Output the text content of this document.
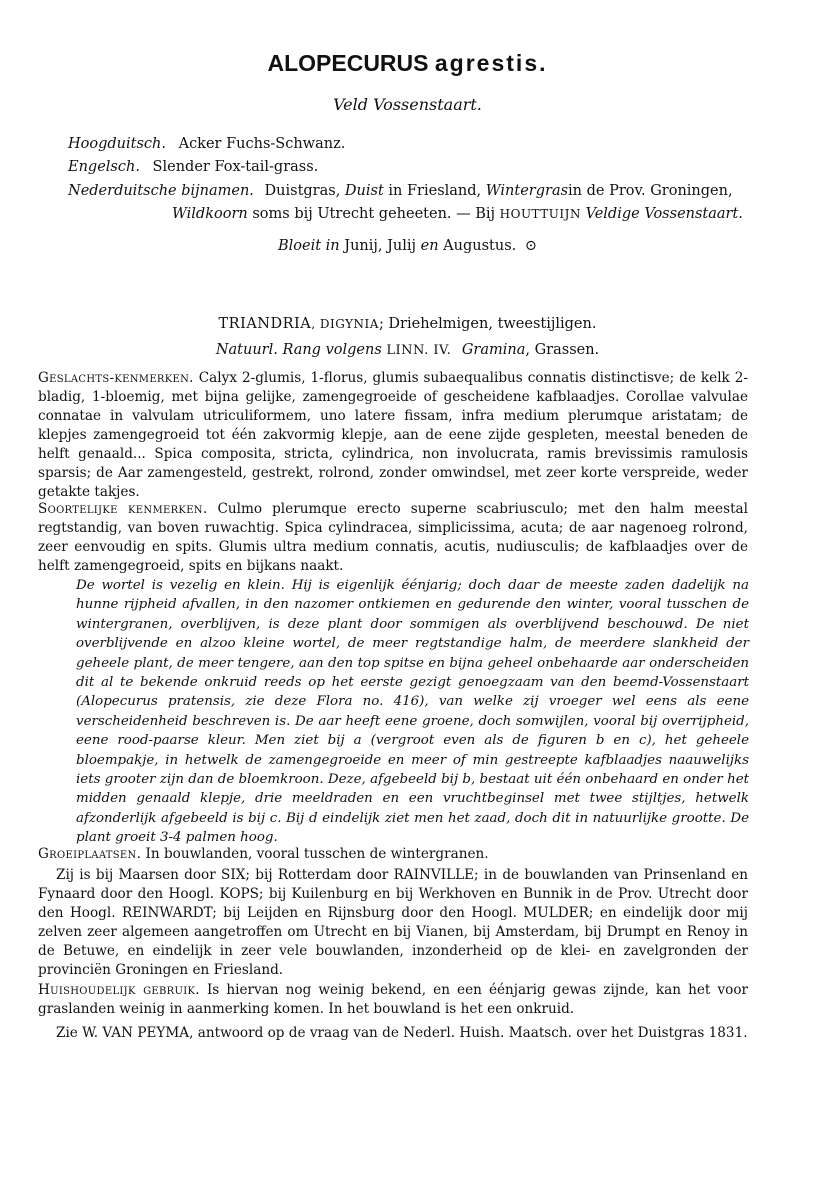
ALOPECURUS agrestis.
Veld Vossenstaart.
Hoogduitsch. Acker Fuchs-Schwanz.
Engelsch. Slender Fox-tail-grass.
Nederduitsche bijnamen. Duistgras, Duist in Friesland, Wintergrasin de Prov. Groningen,
Wildkoorn soms bij Utrecht geheeten. — Bij HOUTTUIJN Veldige Vossenstaart.
Bloeit in Junij, Julij en Augustus. ⊙
TRIANDRIA, DIGYNIA; Driehelmigen, tweestijligen.
Natuurl. Rang volgens LINN. IV. Gramina, Grassen.

Geslachts-kenmerken. Calyx 2-glumis, 1-florus, glumis subaequalibus connatis distinctisve; de kelk 2-bladig, 1-bloemig, met bijna gelijke, zamengegroeide of gescheidene kafblaadjes. Corollae valvulae connatae in valvulam utriculiformem, uno latere fissam, infra medium plerumque aristatam; de klepjes zamengegroeid tot één zakvormig klepje, aan de eene zijde gespleten, meestal beneden de helft genaald... Spica composita, stricta, cylindrica, non involucrata, ramis brevissimis ramulosis sparsis; de Aar zamengesteld, gestrekt, rolrond, zonder omwindsel, met zeer korte verspreide, weder getakte takjes.

Soortelijke kenmerken. Culmo plerumque erecto superne scabriusculo; met den halm meestal regtstandig, van boven ruwachtig. Spica cylindracea, simplicissima, acuta; de aar nagenoeg rolrond, zeer eenvoudig en spits. Glumis ultra medium connatis, acutis, nudiusculis; de kafblaadjes over de helft zamengegroeid, spits en bijkans naakt.

De wortel is vezelig en klein. Hij is eigenlijk éénjarig; doch daar de meeste zaden dadelijk na hunne rijpheid afvallen, in den nazomer ontkiemen en gedurende den winter, vooral tusschen de wintergranen, overblijven, is deze plant door sommigen als overblijvend beschouwd. De niet overblijvende en alzoo kleine wortel, de meer regtstandige halm, de meerdere slankheid der geheele plant, de meer tengere, aan den top spitse en bijna geheel onbehaarde aar onderscheiden dit al te bekende onkruid reeds op het eerste gezigt genoegzaam van den beemd-Vossenstaart (Alopecurus pratensis, zie deze Flora no. 416), van welke zij vroeger wel eens als eene verscheidenheid beschreven is. De aar heeft eene groene, doch somwijlen, vooral bij overrijpheid, eene rood-paarse kleur. Men ziet bij a (vergroot even als de figuren b en c), het geheele bloempakje, in hetwelk de zamengegroeide en meer of min gestreepte kafblaadjes naauwelijks iets grooter zijn dan de bloemkroon. Deze, afgebeeld bij b, bestaat uit één onbehaard en onder het midden genaald klepje, drie meeldraden en een vruchtbeginsel met twee stijltjes, hetwelk afzonderlijk afgebeeld is bij c. Bij d eindelijk ziet men het zaad, doch dit in natuurlijke grootte. De plant groeit 3-4 palmen hoog.

Groeiplaatsen. In bouwlanden, vooral tusschen de wintergranen.

Zij is bij Maarsen door SIX; bij Rotterdam door RAINVILLE; in de bouwlanden van Prinsenland en Fynaard door den Hoogl. KOPS; bij Kuilenburg en bij Werkhoven en Bunnik in de Prov. Utrecht door den Hoogl. REINWARDT; bij Leijden en Rijnsburg door den Hoogl. MULDER; en eindelijk door mij zelven zeer algemeen aangetroffen om Utrecht en bij Vianen, bij Amsterdam, bij Drumpt en Renoy in de Betuwe, en eindelijk in zeer vele bouwlanden, inzonderheid op de klei- en zavelgronden der provinciën Groningen en Friesland.

Huishoudelijk gebruik. Is hiervan nog weinig bekend, en een éénjarig gewas zijnde, kan het voor graslanden weinig in aanmerking komen. In het bouwland is het een onkruid.

Zie W. VAN PEYMA, antwoord op de vraag van de Nederl. Huish. Maatsch. over het Duistgras 1831.
